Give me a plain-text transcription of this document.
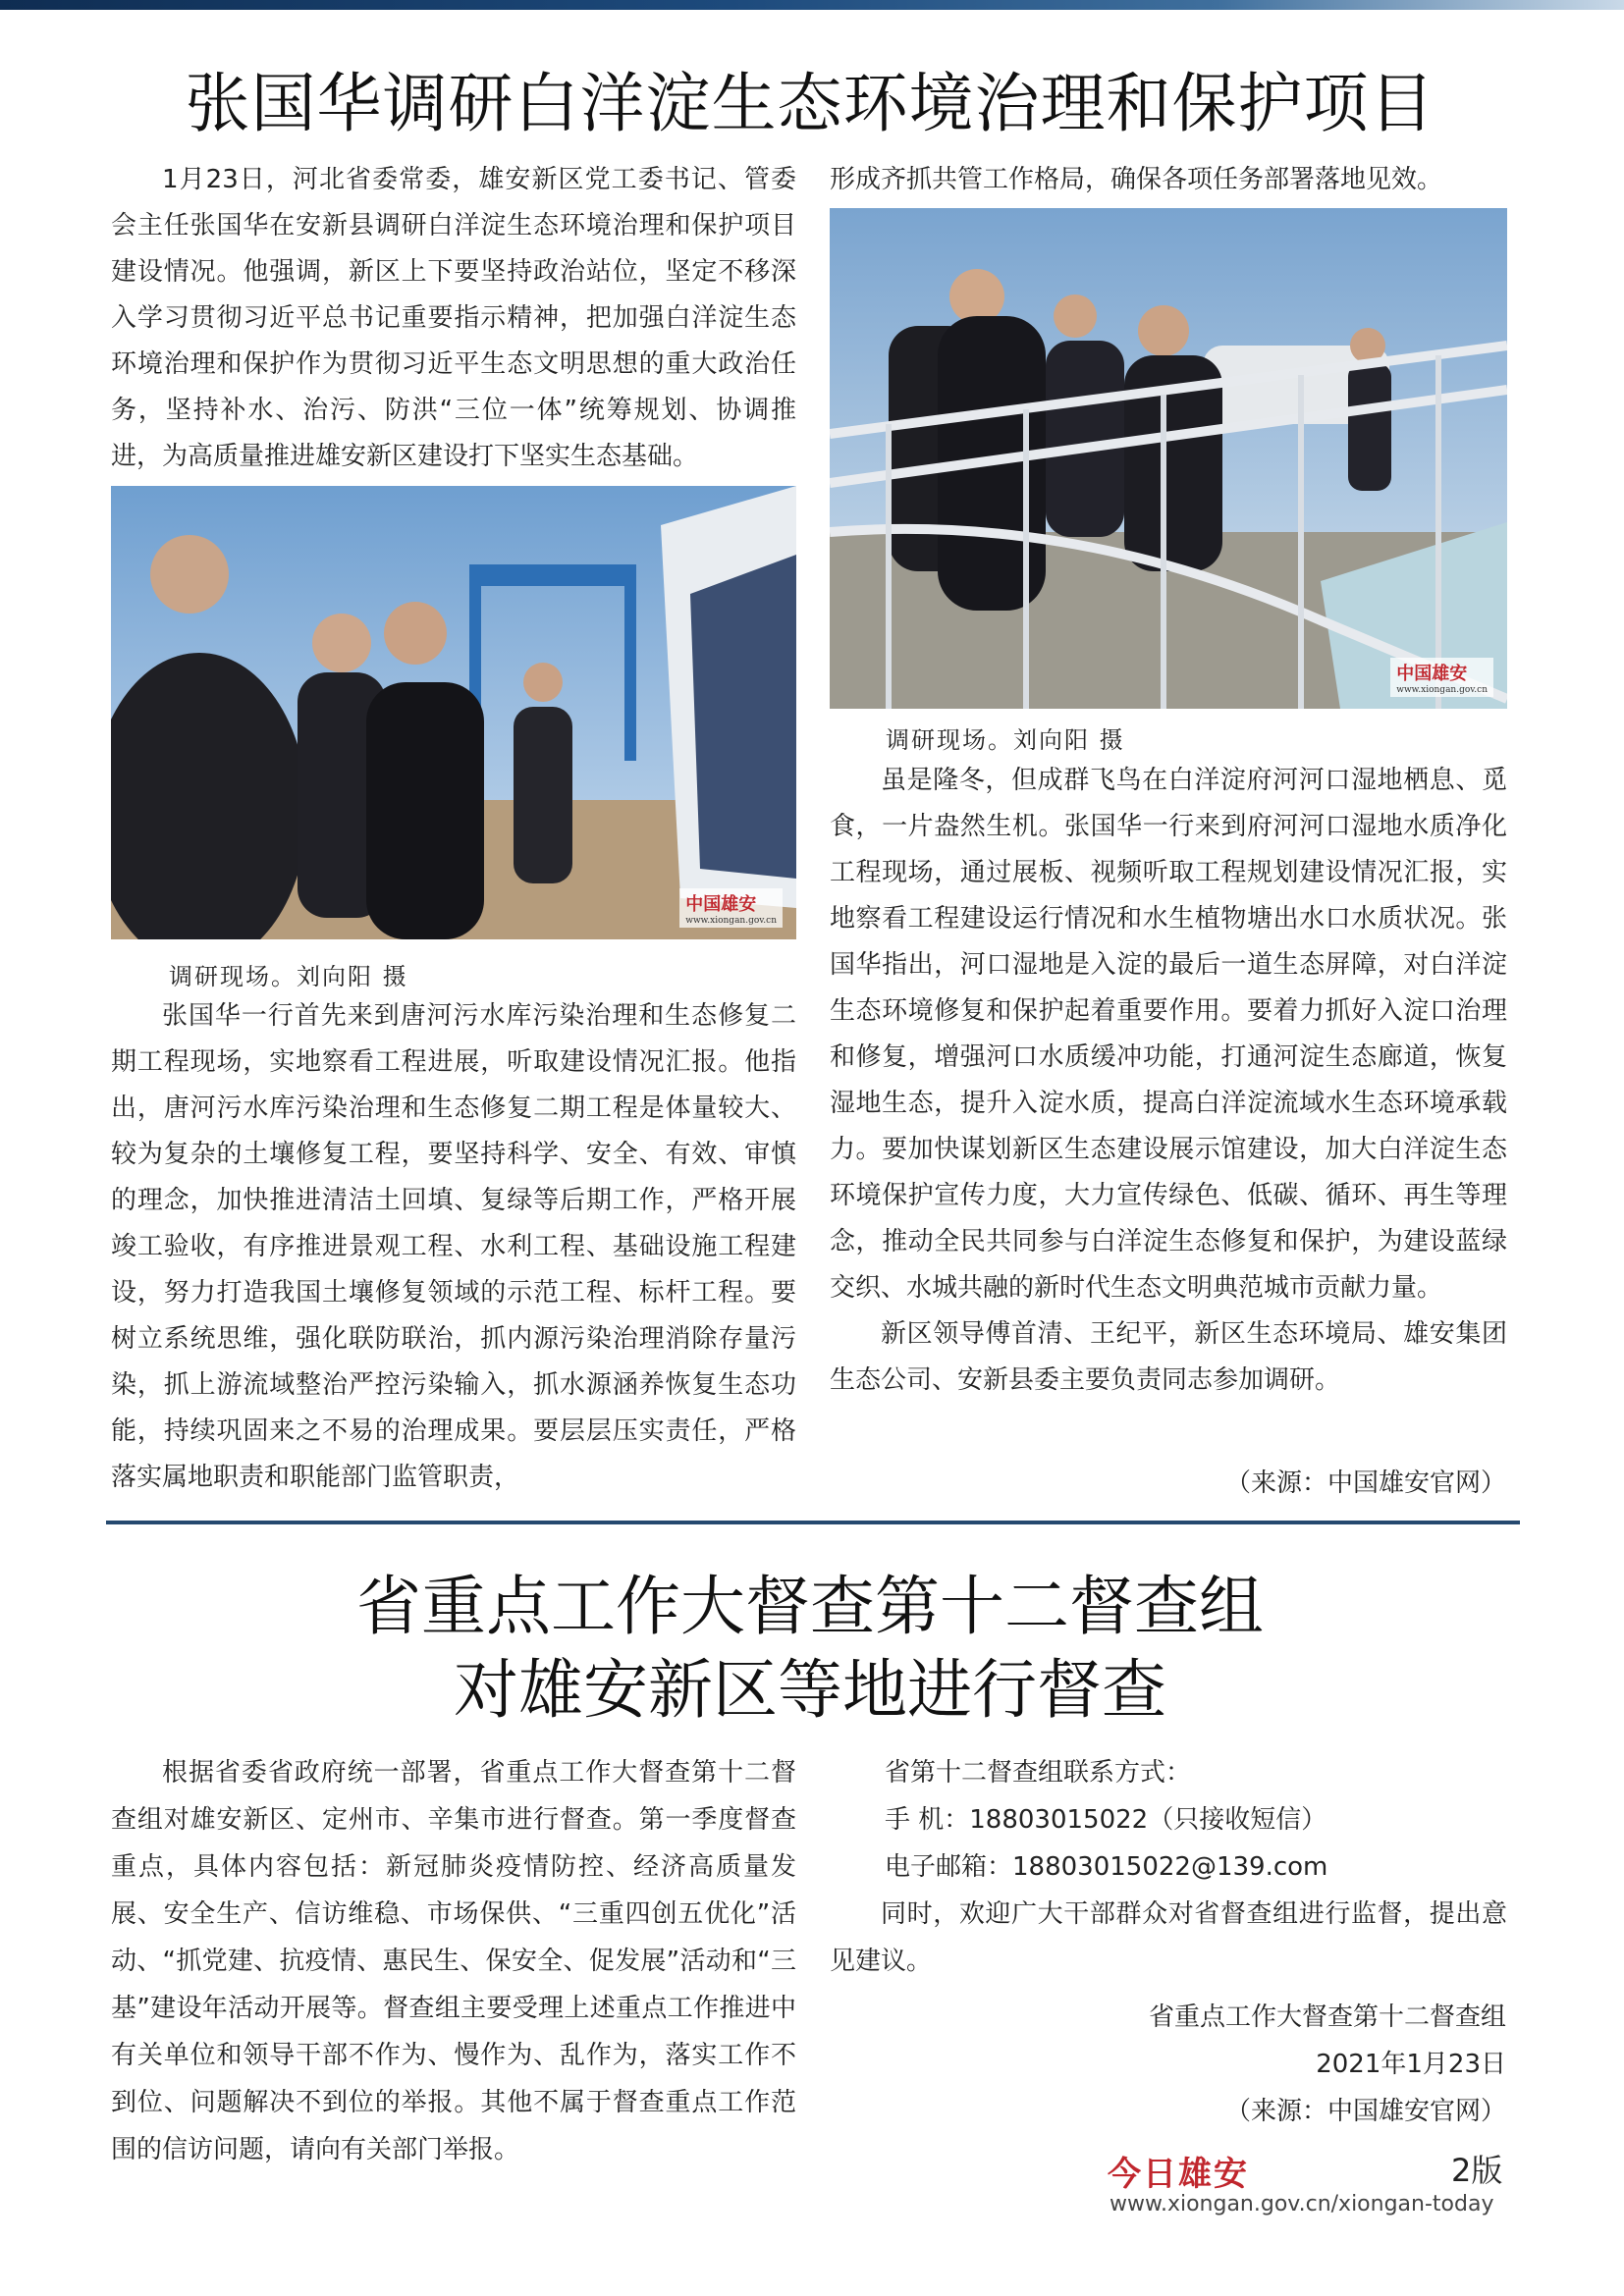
张国华调研白洋淀生态环境治理和保护项目

1月23日，河北省委常委，雄安新区党工委书记、管委会主任张国华在安新县调研白洋淀生态环境治理和保护项目建设情况。他强调，新区上下要坚持政治站位，坚定不移深入学习贯彻习近平总书记重要指示精神，把加强白洋淀生态环境治理和保护作为贯彻习近平生态文明思想的重大政治任务，坚持补水、治污、防洪“三位一体”统筹规划、协调推进，为高质量推进雄安新区建设打下坚实生态基础。

中国雄安
www.xiongan.gov.cn
调研现场。刘向阳 摄

张国华一行首先来到唐河污水库污染治理和生态修复二期工程现场，实地察看工程进展，听取建设情况汇报。他指出，唐河污水库污染治理和生态修复二期工程是体量较大、较为复杂的土壤修复工程，要坚持科学、安全、有效、审慎的理念，加快推进清洁土回填、复绿等后期工作，严格开展竣工验收，有序推进景观工程、水利工程、基础设施工程建设，努力打造我国土壤修复领域的示范工程、标杆工程。要树立系统思维，强化联防联治，抓内源污染治理消除存量污染，抓上游流域整治严控污染输入，抓水源涵养恢复生态功能，持续巩固来之不易的治理成果。要层层压实责任，严格落实属地职责和职能部门监管职责，

形成齐抓共管工作格局，确保各项任务部署落地见效。

中国雄安
www.xiongan.gov.cn
调研现场。刘向阳 摄

虽是隆冬，但成群飞鸟在白洋淀府河河口湿地栖息、觅食，一片盎然生机。张国华一行来到府河河口湿地水质净化工程现场，通过展板、视频听取工程规划建设情况汇报，实地察看工程建设运行情况和水生植物塘出水口水质状况。张国华指出，河口湿地是入淀的最后一道生态屏障，对白洋淀生态环境修复和保护起着重要作用。要着力抓好入淀口治理和修复，增强河口水质缓冲功能，打通河淀生态廊道，恢复湿地生态，提升入淀水质，提高白洋淀流域水生态环境承载力。要加快谋划新区生态建设展示馆建设，加大白洋淀生态环境保护宣传力度，大力宣传绿色、低碳、循环、再生等理念，推动全民共同参与白洋淀生态修复和保护，为建设蓝绿交织、水城共融的新时代生态文明典范城市贡献力量。

新区领导傅首清、王纪平，新区生态环境局、雄安集团生态公司、安新县委主要负责同志参加调研。

（来源：中国雄安官网）
省重点工作大督查第十二督查组
对雄安新区等地进行督查

根据省委省政府统一部署，省重点工作大督查第十二督查组对雄安新区、定州市、辛集市进行督查。第一季度督查重点，具体内容包括：新冠肺炎疫情防控、经济高质量发展、安全生产、信访维稳、市场保供、“三重四创五优化”活动、“抓党建、抗疫情、惠民生、保安全、促发展”活动和“三基”建设年活动开展等。督查组主要受理上述重点工作推进中有关单位和领导干部不作为、慢作为、乱作为，落实工作不到位、问题解决不到位的举报。其他不属于督查重点工作范围的信访问题，请向有关部门举报。

省第十二督查组联系方式：
手 机：18803015022（只接收短信）
电子邮箱：18803015022@139.com

同时，欢迎广大干部群众对省督查组进行监督，提出意见建议。

省重点工作大督查第十二督查组
2021年1月23日
（来源：中国雄安官网）
今日雄安	2版
www.xiongan.gov.cn/xiongan-today
